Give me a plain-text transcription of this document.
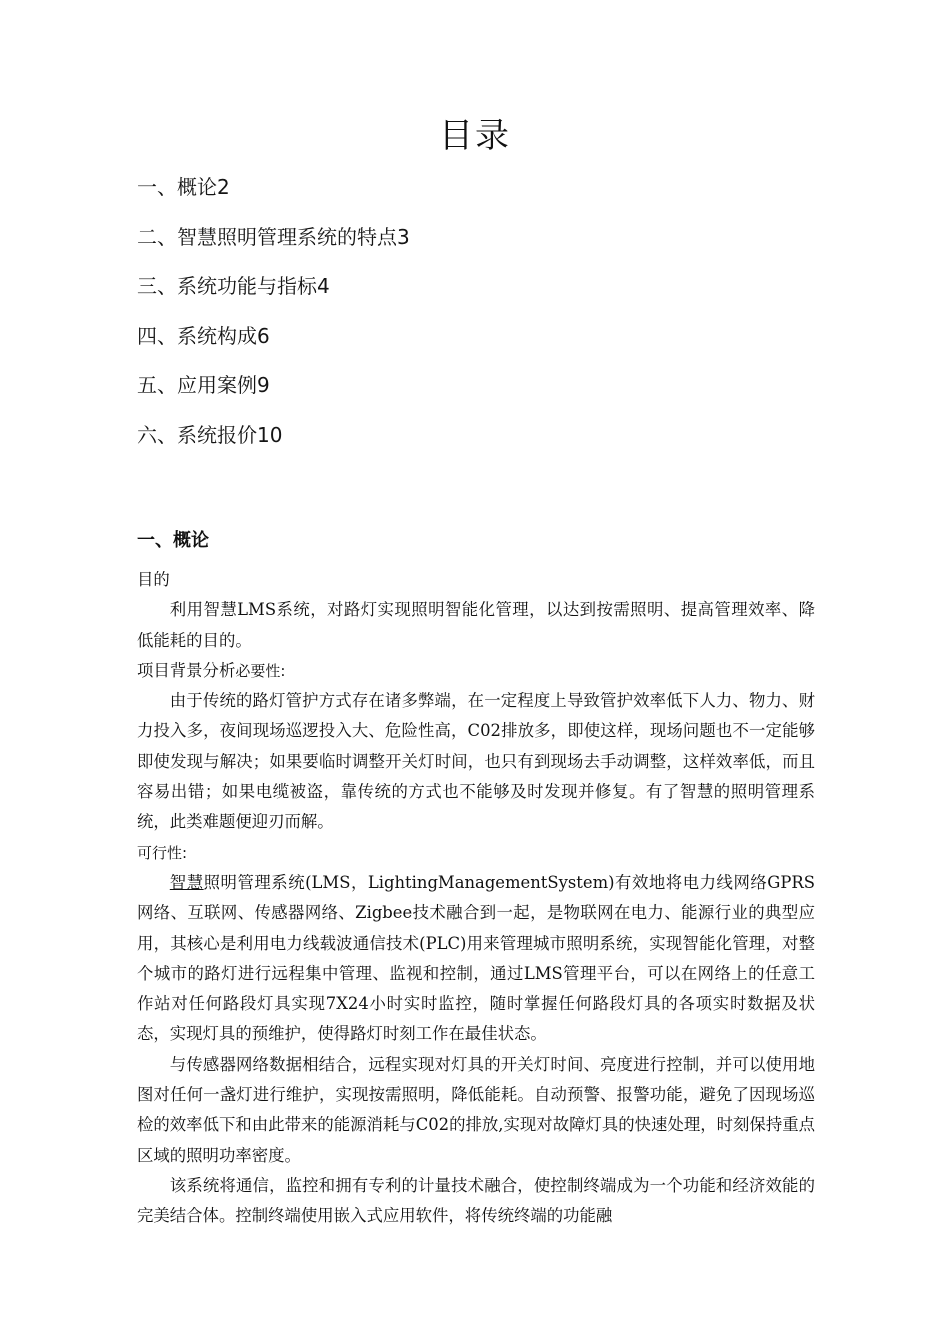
目录
一、概论2
二、智慧照明管理系统的特点3
三、系统功能与指标4
四、系统构成6
五、应用案例9
六、系统报价10
一、概论

目的

利用智慧LMS系统，对路灯实现照明智能化管理，以达到按需照明、提高管理效率、降低能耗的目的。

项目背景分析必要性:

由于传统的路灯管护方式存在诸多弊端，在一定程度上导致管护效率低下人力、物力、财力投入多，夜间现场巡逻投入大、危险性高，C02排放多，即使这样，现场问题也不一定能够即使发现与解决；如果要临时调整开关灯时间，也只有到现场去手动调整，这样效率低，而且容易出错；如果电缆被盗，靠传统的方式也不能够及时发现并修复。有了智慧的照明管理系统，此类难题便迎刃而解。

可行性:

智慧照明管理系统(LMS，LightingManagementSystem)有效地将电力线网络GPRS网络、互联网、传感器网络、Zigbee技术融合到一起，是物联网在电力、能源行业的典型应用，其核心是利用电力线载波通信技术(PLC)用来管理城市照明系统，实现智能化管理，对整个城市的路灯进行远程集中管理、监视和控制，通过LMS管理平台，可以在网络上的任意工作站对任何路段灯具实现7X24小时实时监控，随时掌握任何路段灯具的各项实时数据及状态，实现灯具的预维护，使得路灯时刻工作在最佳状态。

与传感器网络数据相结合，远程实现对灯具的开关灯时间、亮度进行控制，并可以使用地图对任何一盏灯进行维护，实现按需照明，降低能耗。自动预警、报警功能，避免了因现场巡检的效率低下和由此带来的能源消耗与C02的排放,实现对故障灯具的快速处理，时刻保持重点区域的照明功率密度。

该系统将通信，监控和拥有专利的计量技术融合，使控制终端成为一个功能和经济效能的完美结合体。控制终端使用嵌入式应用软件，将传统终端的功能融
